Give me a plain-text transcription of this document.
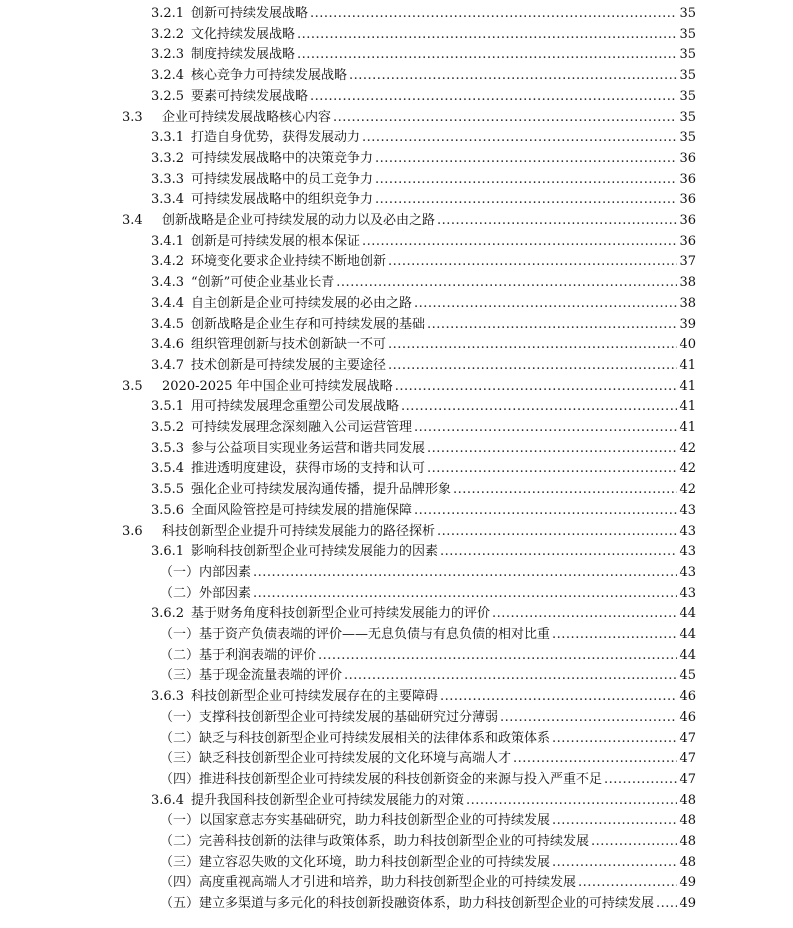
3.2.1 创新可持续发展战略 .....	35
3.2.2 文化持续发展战略 .....	35
3.2.3 制度持续发展战略 .....	35
3.2.4 核心竞争力可持续发展战略 .....	35
3.2.5 要素可持续发展战略 .....	35
3.3	企业可持续发展战略核心内容 .....	35
3.3.1 打造自身优势，获得发展动力 .....	35
3.3.2 可持续发展战略中的决策竞争力 .....	36
3.3.3 可持续发展战略中的员工竞争力 .....	36
3.3.4 可持续发展战略中的组织竞争力 .....	36
3.4	创新战略是企业可持续发展的动力以及必由之路 .....	36
3.4.1 创新是可持续发展的根本保证 .....	36
3.4.2 环境变化要求企业持续不断地创新 .....	37
3.4.3 “创新”可使企业基业长青 .....	38
3.4.4 自主创新是企业可持续发展的必由之路 .....	38
3.4.5 创新战略是企业生存和可持续发展的基础 .....	39
3.4.6 组织管理创新与技术创新缺一不可 .....	40
3.4.7 技术创新是可持续发展的主要途径 .....	41
3.5	2020-2025 年中国企业可持续发展战略 .....	41
3.5.1 用可持续发展理念重塑公司发展战略 .....	41
3.5.2 可持续发展理念深刻融入公司运营管理 .....	41
3.5.3 参与公益项目实现业务运营和谐共同发展 .....	42
3.5.4 推进透明度建设，获得市场的支持和认可 .....	42
3.5.5 强化企业可持续发展沟通传播，提升品牌形象 .....	42
3.5.6 全面风险管控是可持续发展的措施保障 .....	43
3.6	科技创新型企业提升可持续发展能力的路径探析 .....	43
3.6.1 影响科技创新型企业可持续发展能力的因素 .....	43
（一） 内部因素 .....	43
（二） 外部因素 .....	43
3.6.2 基于财务角度科技创新型企业可持续发展能力的评价 .....	44
（一） 基于资产负债表端的评价——无息负债与有息负债的相对比重 .....	44
（二） 基于利润表端的评价 .....	44
（三） 基于现金流量表端的评价 .....	45
3.6.3 科技创新型企业可持续发展存在的主要障碍 .....	46
（一） 支撑科技创新型企业可持续发展的基础研究过分薄弱 .....	46
（二） 缺乏与科技创新型企业可持续发展相关的法律体系和政策体系 .....	47
（三） 缺乏科技创新型企业可持续发展的文化环境与高端人才 .....	47
（四） 推进科技创新型企业可持续发展的科技创新资金的来源与投入严重不足 .....	47
3.6.4 提升我国科技创新型企业可持续发展能力的对策 .....	48
（一） 以国家意志夯实基础研究，助力科技创新型企业的可持续发展 .....	48
（二） 完善科技创新的法律与政策体系，助力科技创新型企业的可持续发展 .....	48
（三） 建立容忍失败的文化环境，助力科技创新型企业的可持续发展 .....	48
（四） 高度重视高端人才引进和培养，助力科技创新型企业的可持续发展 .....	49
（五） 建立多渠道与多元化的科技创新投融资体系，助力科技创新型企业的可持续发展 ..... 49
